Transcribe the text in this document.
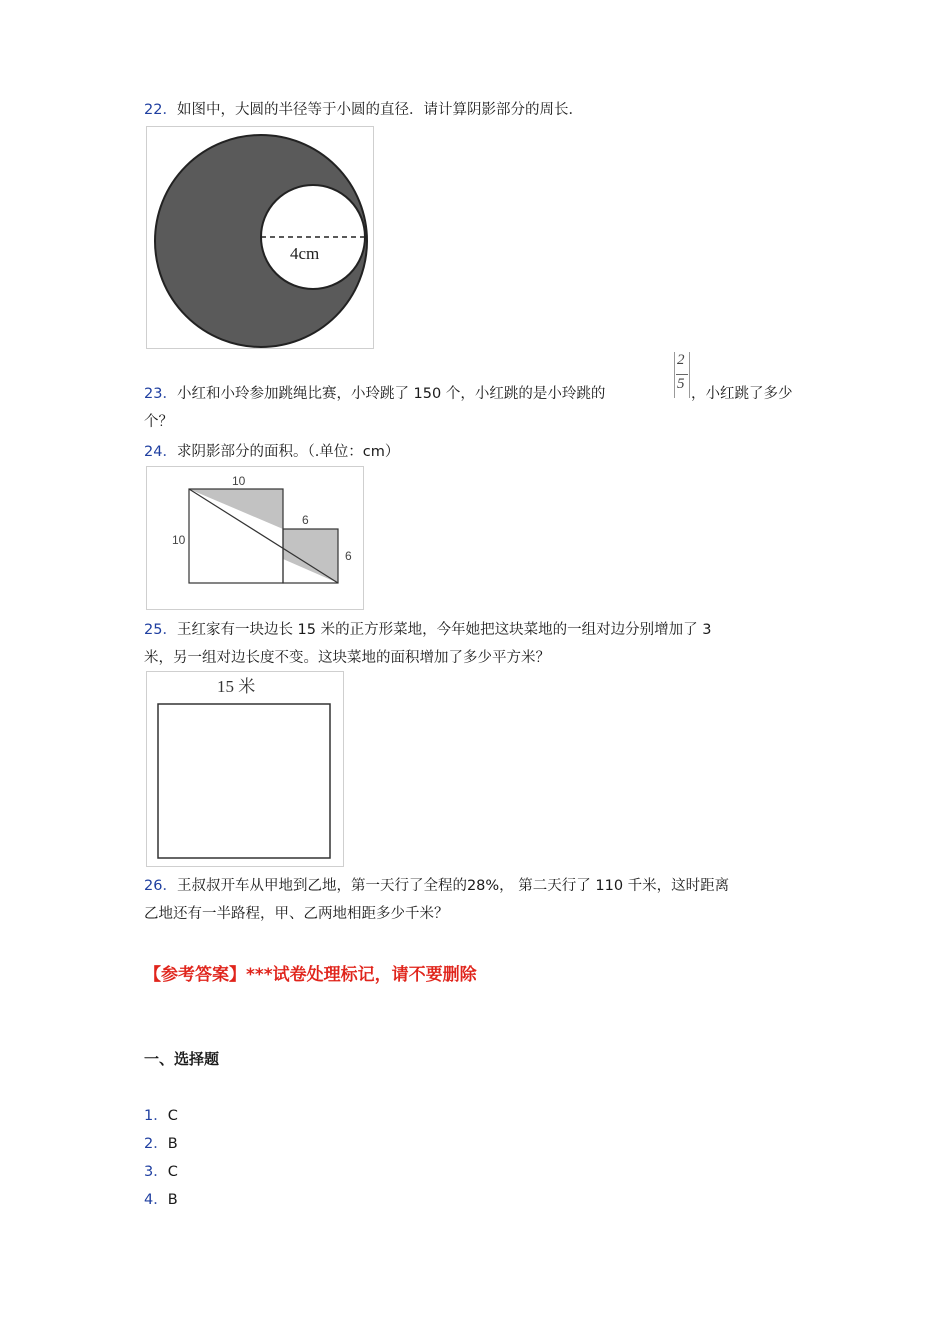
22．如图中，大圆的半径等于小圆的直径．请计算阴影部分的周长．
4cm
23．小红和小玲参加跳绳比赛，小玲跳了 150 个，小红跳的是小玲跳的
2
5
，小红跳了多少
个？
24．求阴影部分的面积。（.单位：cm）
10
10
6
6
25．王红家有一块边长 15 米的正方形菜地，今年她把这块菜地的一组对边分别增加了 3
米，另一组对边长度不变。这块菜地的面积增加了多少平方米？
15 米
26．王叔叔开车从甲地到乙地，第一天行了全程的28%， 第二天行了 110 千米，这时距离
乙地还有一半路程，甲、乙两地相距多少千米？
【参考答案】***试卷处理标记，请不要删除
一、选择题
1．C
2．B
3．C
4．B
